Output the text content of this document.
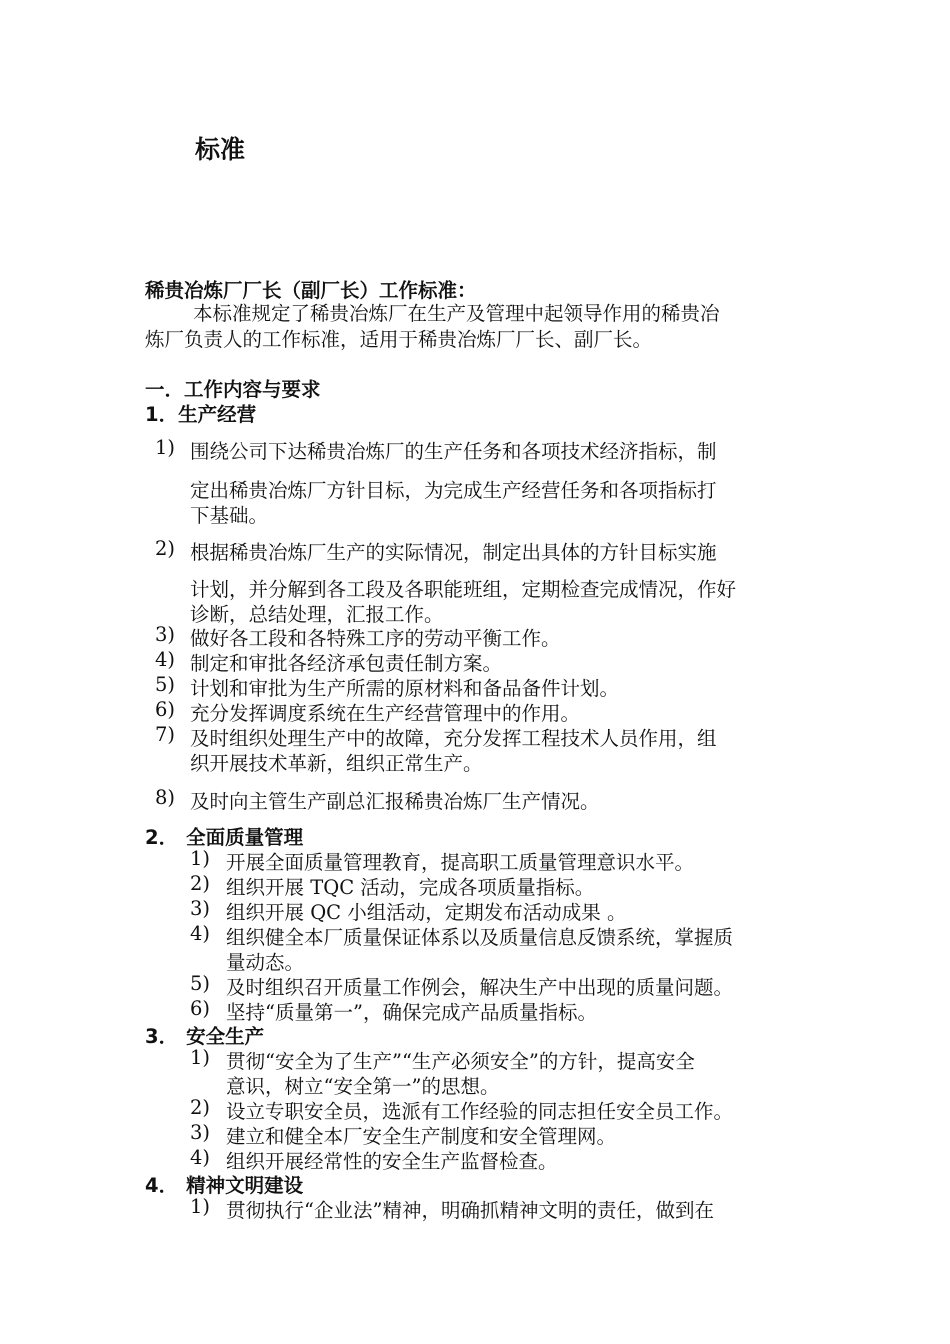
标准
稀贵冶炼厂厂长（副厂长）工作标准：
本标准规定了稀贵冶炼厂在生产及管理中起领导作用的稀贵冶
炼厂负责人的工作标准，适用于稀贵冶炼厂厂长、副厂长。
一．工作内容与要求
1．生产经营
1) 围绕公司下达稀贵冶炼厂的生产任务和各项技术经济指标，制
定出稀贵冶炼厂方针目标，为完成生产经营任务和各项指标打
下基础。
2) 根据稀贵冶炼厂生产的实际情况，制定出具体的方针目标实施
计划，并分解到各工段及各职能班组，定期检查完成情况，作好
诊断，总结处理，汇报工作。
3) 做好各工段和各特殊工序的劳动平衡工作。
4) 制定和审批各经济承包责任制方案。
5) 计划和审批为生产所需的原材料和备品备件计划。
6) 充分发挥调度系统在生产经营管理中的作用。
7) 及时组织处理生产中的故障，充分发挥工程技术人员作用，组
织开展技术革新，组织正常生产。
8) 及时向主管生产副总汇报稀贵冶炼厂生产情况。
2． 全面质量管理
1) 开展全面质量管理教育，提高职工质量管理意识水平。
2) 组织开展 TQC 活动，完成各项质量指标。
3) 组织开展 QC 小组活动，定期发布活动成果 。
4) 组织健全本厂质量保证体系以及质量信息反馈系统，掌握质
量动态。
5) 及时组织召开质量工作例会，解决生产中出现的质量问题。
6) 坚持“质量第一”，确保完成产品质量指标。
3． 安全生产
1) 贯彻“安全为了生产”“生产必须安全”的方针，提高安全
意识，树立“安全第一”的思想。
2) 设立专职安全员，选派有工作经验的同志担任安全员工作。
3) 建立和健全本厂安全生产制度和安全管理网。
4) 组织开展经常性的安全生产监督检查。
4． 精神文明建设
1) 贯彻执行“企业法”精神，明确抓精神文明的责任，做到在
